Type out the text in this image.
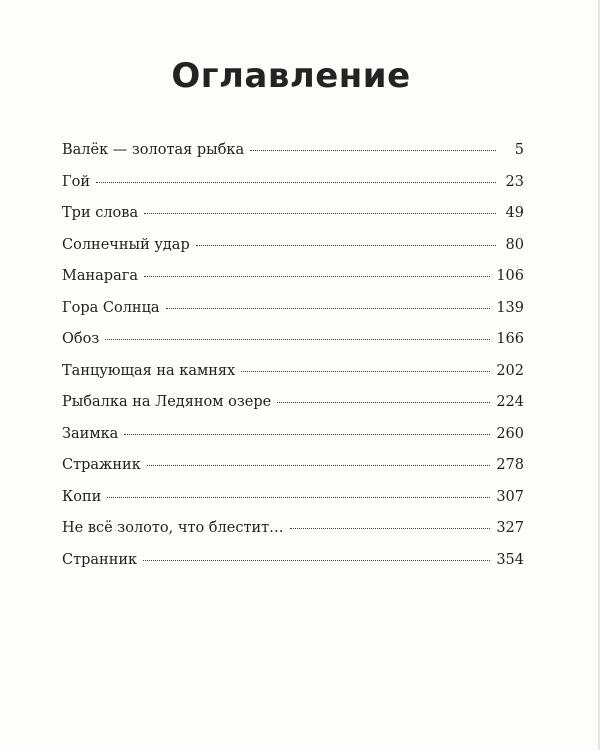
Оглавление
Валёк — золотая рыбка	5
Гой	23
Три слова	49
Солнечный удар	80
Манарага	106
Гора Солнца	139
Обоз	166
Танцующая на камнях	202
Рыбалка на Ледяном озере	224
Заимка	260
Стражник	278
Копи	307
Не всё золото, что блестит…	327
Странник	354
